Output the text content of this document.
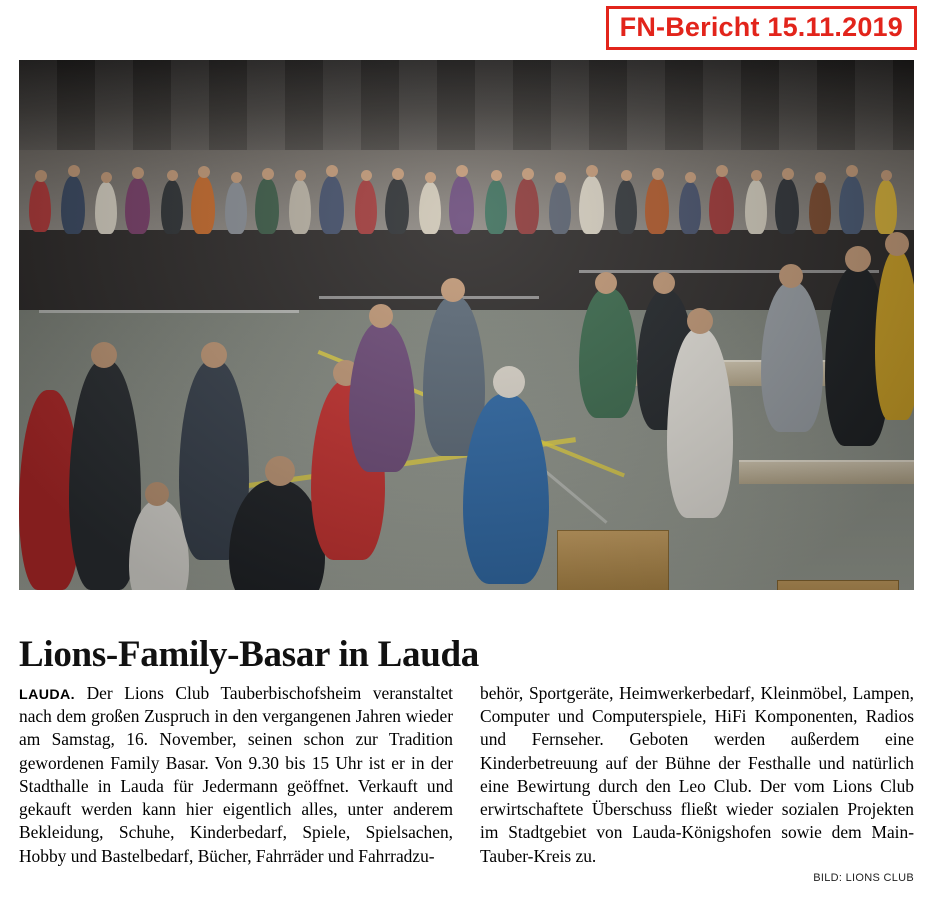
FN-Bericht 15.11.2019
Lions-Family-Basar in Lauda
LAUDA. Der Lions Club Tauberbischofsheim veranstaltet nach dem großen Zuspruch in den vergangenen Jahren wieder am Samstag, 16. November, seinen schon zur Tradition gewordenen Family Basar. Von 9.30 bis 15 Uhr ist er in der Stadthalle in Lauda für Jedermann geöffnet. Verkauft und gekauft werden kann hier eigentlich alles, unter anderem Bekleidung, Schuhe, Kinderbedarf, Spiele, Spielsachen, Hobby und Bastelbedarf, Bücher, Fahrräder und Fahrradzu-
behör, Sportgeräte, Heimwerkerbedarf, Kleinmöbel, Lampen, Computer und Computerspiele, HiFi Komponenten, Radios und Fernseher. Geboten werden außerdem eine Kinderbetreuung auf der Bühne der Festhalle und natürlich eine Bewirtung durch den Leo Club. Der vom Lions Club erwirtschaftete Überschuss fließt wieder sozialen Projekten im Stadtgebiet von Lauda-Königshofen sowie dem Main-Tauber-Kreis zu.
BILD: LIONS CLUB
